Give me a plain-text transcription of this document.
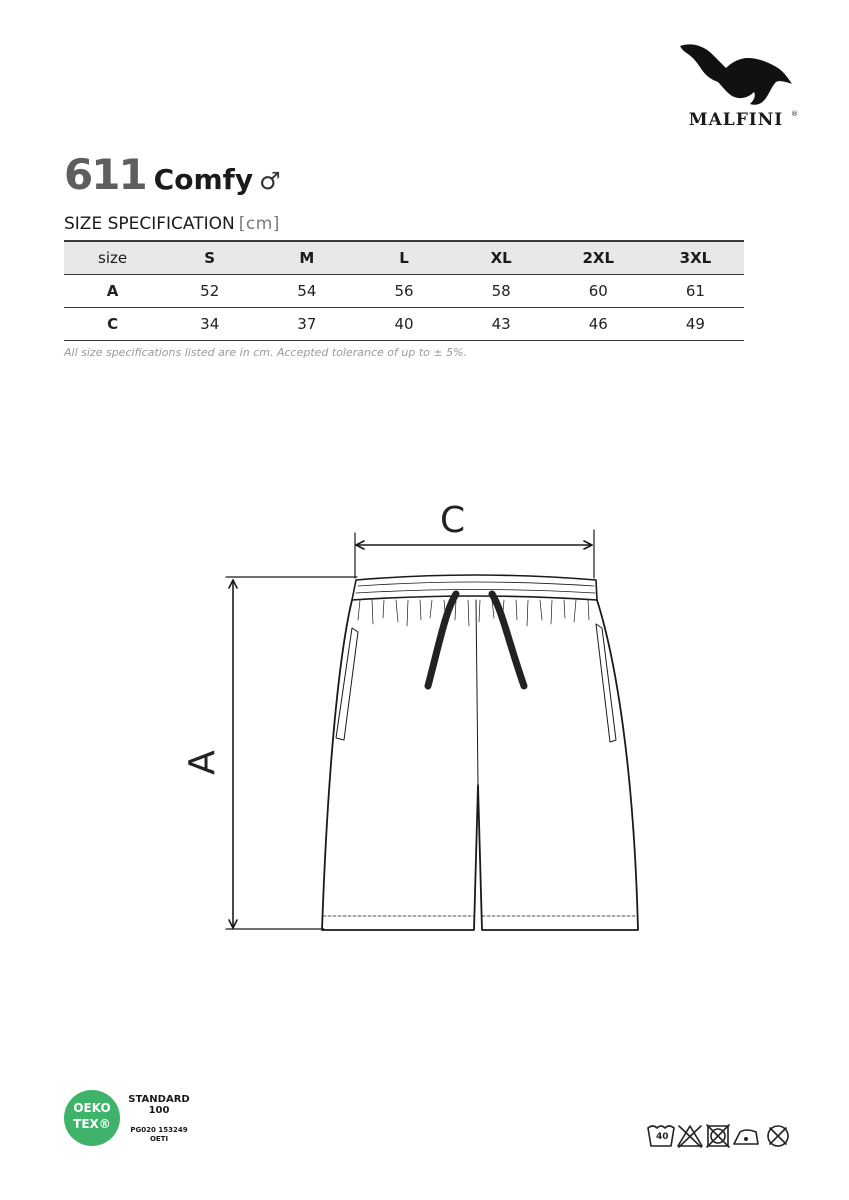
MALFINI	®
611 Comfy ♂
SIZE SPECIFICATION [cm]
size	S	M	L	XL	2XL	3XL
A	52	54	56	58	60	61
C	34	37	40	43	46	49
All size specifications listed are in cm. Accepted tolerance of up to ± 5%.
C
A
OEKO
TEX®
STANDARD
100
PG020 153249
OETI	40
